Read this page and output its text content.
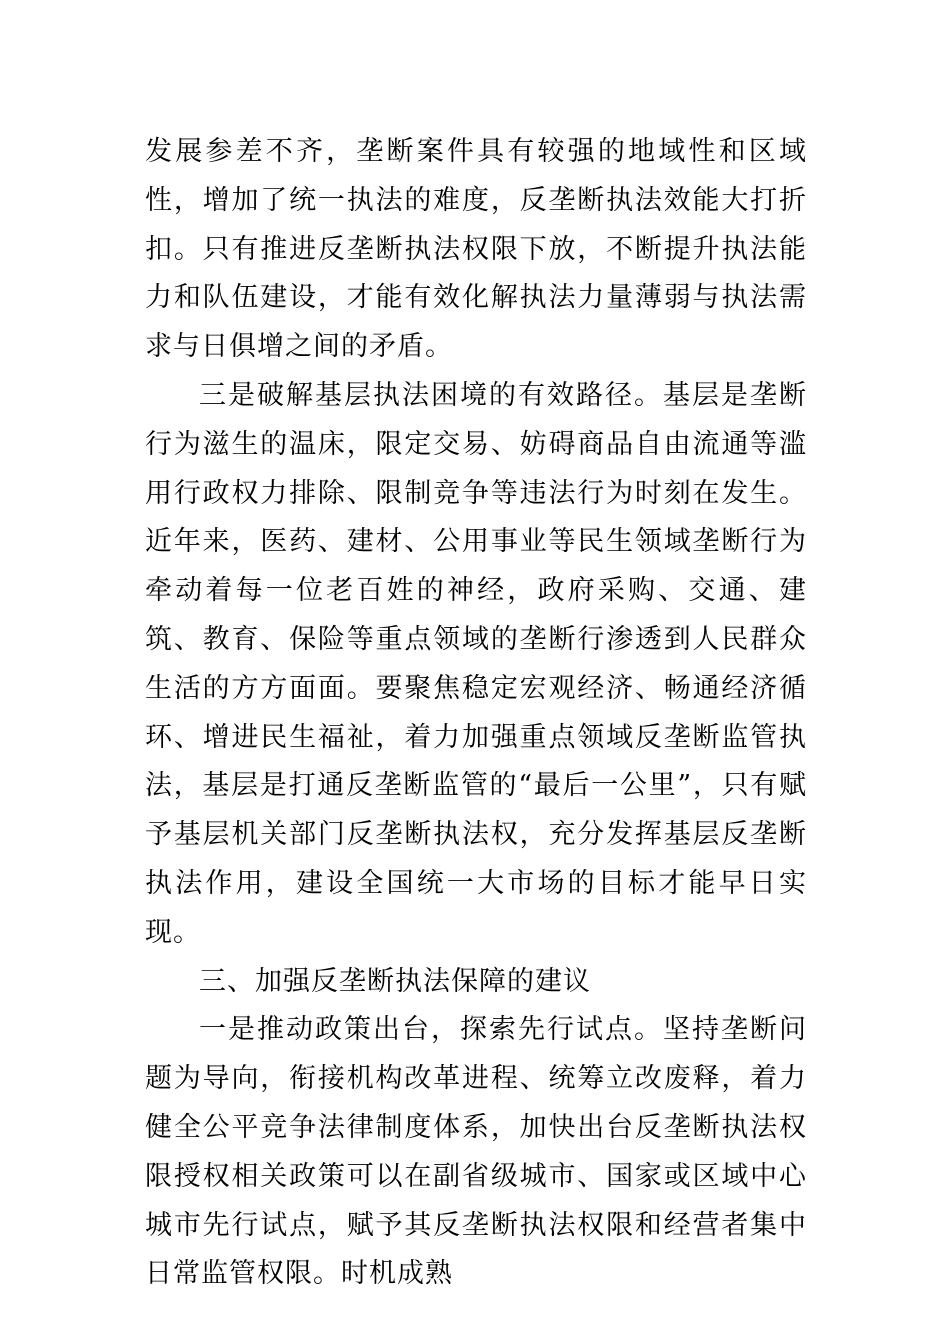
发展参差不齐，垄断案件具有较强的地域性和区域性，增加了统一执法的难度，反垄断执法效能大打折扣。只有推进反垄断执法权限下放，不断提升执法能力和队伍建设，才能有效化解执法力量薄弱与执法需求与日俱增之间的矛盾。

三是破解基层执法困境的有效路径。基层是垄断行为滋生的温床，限定交易、妨碍商品自由流通等滥用行政权力排除、限制竞争等违法行为时刻在发生。近年来，医药、建材、公用事业等民生领域垄断行为牵动着每一位老百姓的神经，政府采购、交通、建筑、教育、保险等重点领域的垄断行渗透到人民群众生活的方方面面。要聚焦稳定宏观经济、畅通经济循环、增进民生福祉，着力加强重点领域反垄断监管执法，基层是打通反垄断监管的“最后一公里”，只有赋予基层机关部门反垄断执法权，充分发挥基层反垄断执法作用，建设全国统一大市场的目标才能早日实现。

三、加强反垄断执法保障的建议

一是推动政策出台，探索先行试点。坚持垄断问题为导向，衔接机构改革进程、统筹立改废释，着力健全公平竞争法律制度体系，加快出台反垄断执法权限授权相关政策可以在副省级城市、国家或区域中心城市先行试点，赋予其反垄断执法权限和经营者集中日常监管权限。时机成熟
